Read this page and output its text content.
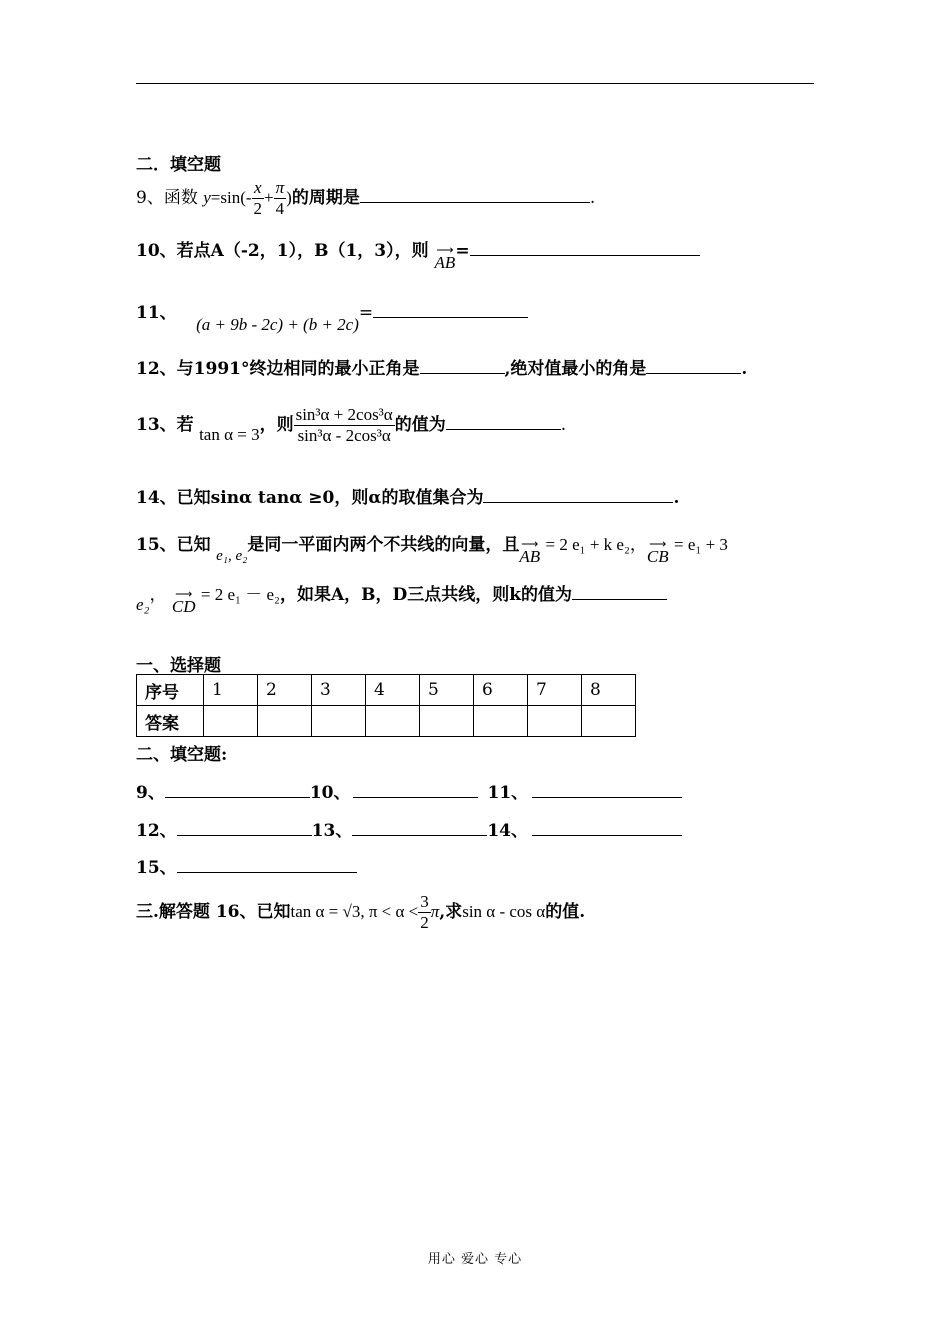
二．填空题
9、函数 $y=\sin(- \frac{x}{2} + \frac{\pi}{4}$ )的周期是	.
10、若点A（-2，1），B（1，3），则 ⟶ AB=
11、 (a + 9b - 2c) + (b + 2c)=
12、与1991°终边相同的最小正角是	,绝对值最小的角是	.
13、若 tan α = 3，则 $\frac{\text{sin³α + 2cos³α}}{\text{sin³α - 2cos³α}}$ 的值为	.
14、已知sinα tanα ≥0，则α的取值集合为	.
15、已知 e₁, e₂是同一平面内两个不共线的向量，且⟶ AB = 2 e₁ + k e₂，⟶ CB = e₁ + 3
e₂， ⟶ CD = 2 e₁ － e₂，如果A，B，D三点共线，则k的值为
一、选择题
序号	1	2	3	4	5	6	7	8
答案								
二、填空题:
9、	10、	11、
12、	13、	14、
15、
三.解答题 16、已知tan α = √3, $\pi < \alpha < \frac{3}{2} \pi$,求sin α - cos α的值.
用心 爱心 专心
